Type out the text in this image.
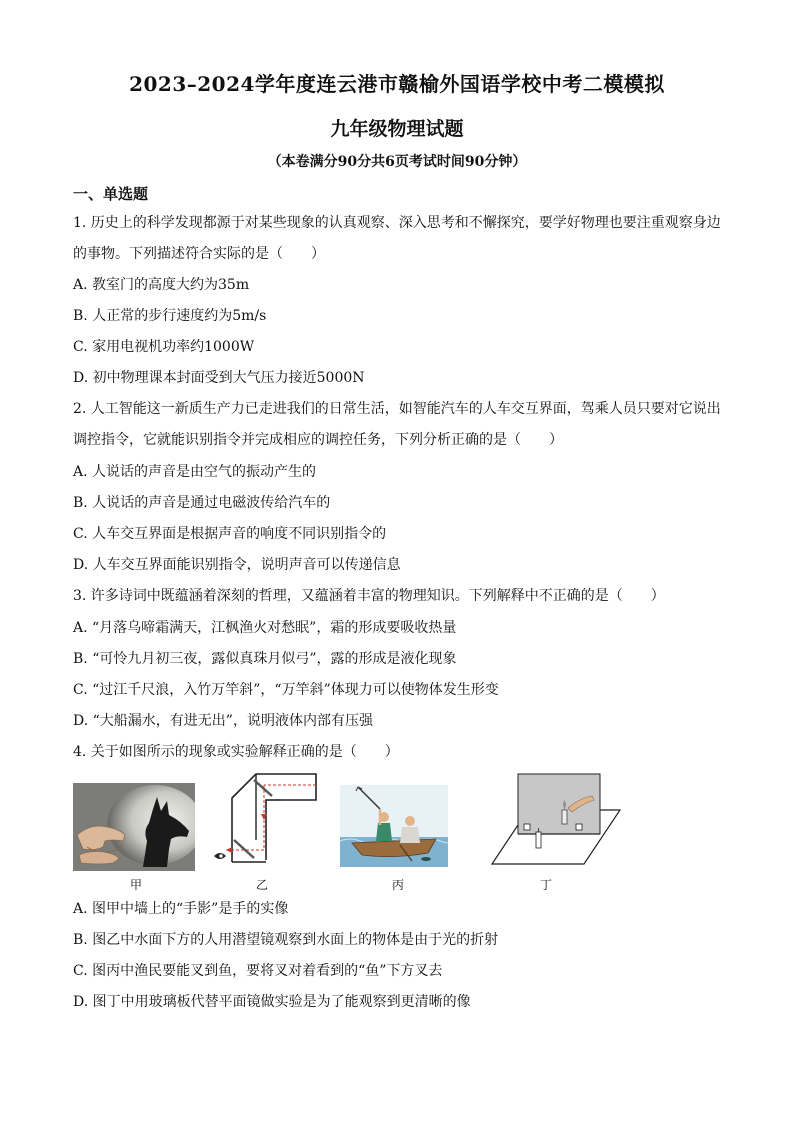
2023–2024学年度连云港市赣榆外国语学校中考二模模拟
九年级物理试题
（本卷满分90分共6页考试时间90分钟）
一、单选题
1. 历史上的科学发现都源于对某些现象的认真观察、深入思考和不懈探究，要学好物理也要注重观察身边
的事物。下列描述符合实际的是（　　）
A. 教室门的高度大约为35m
B. 人正常的步行速度约为5m/s
C. 家用电视机功率约1000W
D. 初中物理课本封面受到大气压力接近5000N
2. 人工智能这一新质生产力已走进我们的日常生活，如智能汽车的人车交互界面，驾乘人员只要对它说出
调控指令，它就能识别指令并完成相应的调控任务，下列分析正确的是（　　）
A. 人说话的声音是由空气的振动产生的
B. 人说话的声音是通过电磁波传给汽车的
C. 人车交互界面是根据声音的响度不同识别指令的
D. 人车交互界面能识别指令，说明声音可以传递信息
3. 许多诗词中既蕴涵着深刻的哲理，又蕴涵着丰富的物理知识。下列解释中不正确的是（　　）
A. “月落乌啼霜满天，江枫渔火对愁眠”，霜的形成要吸收热量
B. “可怜九月初三夜，露似真珠月似弓”，露的形成是液化现象
C. “过江千尺浪，入竹万竿斜”，“万竿斜”体现力可以使物体发生形变
D. “大船漏水，有进无出”，说明液体内部有压强
4. 关于如图所示的现象或实验解释正确的是（　　）
甲	乙	丙	丁
A. 图甲中墙上的“手影”是手的实像
B. 图乙中水面下方的人用潜望镜观察到水面上的物体是由于光的折射
C. 图丙中渔民要能叉到鱼，要将叉对着看到的“鱼”下方叉去
D. 图丁中用玻璃板代替平面镜做实验是为了能观察到更清晰的像
